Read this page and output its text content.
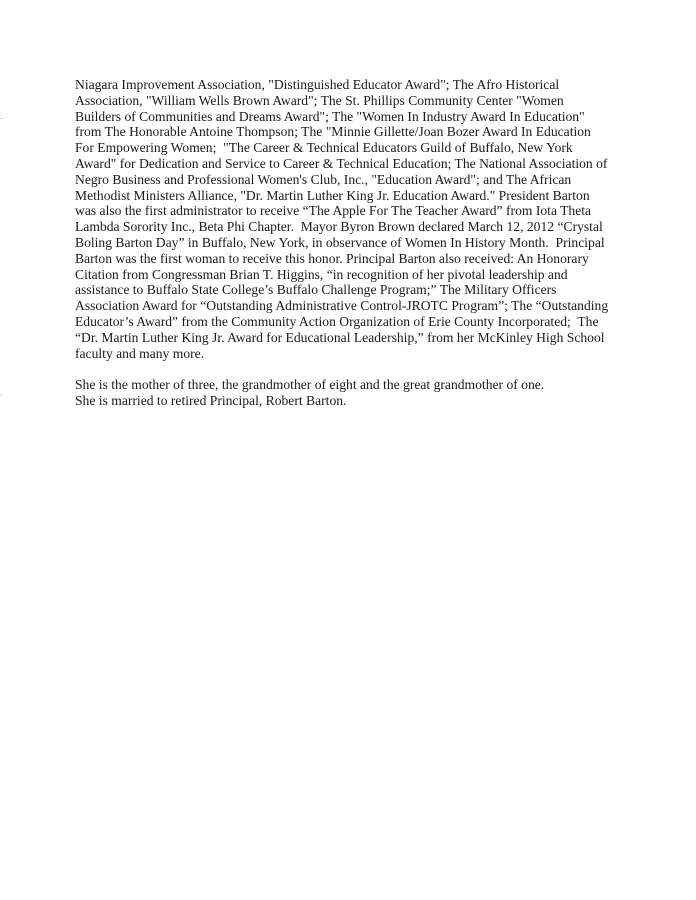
Niagara Improvement Association, "Distinguished Educator Award"; The Afro Historical
Association, "William Wells Brown Award"; The St. Phillips Community Center "Women
Builders of Communities and Dreams Award"; The "Women In Industry Award In Education"
from The Honorable Antoine Thompson; The "Minnie Gillette/Joan Bozer Award In Education
For Empowering Women;  "The Career & Technical Educators Guild of Buffalo, New York
Award" for Dedication and Service to Career & Technical Education; The National Association of
Negro Business and Professional Women's Club, Inc., "Education Award"; and The African
Methodist Ministers Alliance, "Dr. Martin Luther King Jr. Education Award." President Barton
was also the first administrator to receive “The Apple For The Teacher Award” from Iota Theta
Lambda Sorority Inc., Beta Phi Chapter.  Mayor Byron Brown declared March 12, 2012 “Crystal
Boling Barton Day” in Buffalo, New York, in observance of Women In History Month.  Principal
Barton was the first woman to receive this honor. Principal Barton also received: An Honorary
Citation from Congressman Brian T. Higgins, “in recognition of her pivotal leadership and
assistance to Buffalo State College’s Buffalo Challenge Program;” The Military Officers
Association Award for “Outstanding Administrative Control-JROTC Program”; The “Outstanding
Educator’s Award” from the Community Action Organization of Erie County Incorporated;  The
“Dr. Martin Luther King Jr. Award for Educational Leadership,” from her McKinley High School
faculty and many more.
She is the mother of three, the grandmother of eight and the great grandmother of one.
She is married to retired Principal, Robert Barton.
